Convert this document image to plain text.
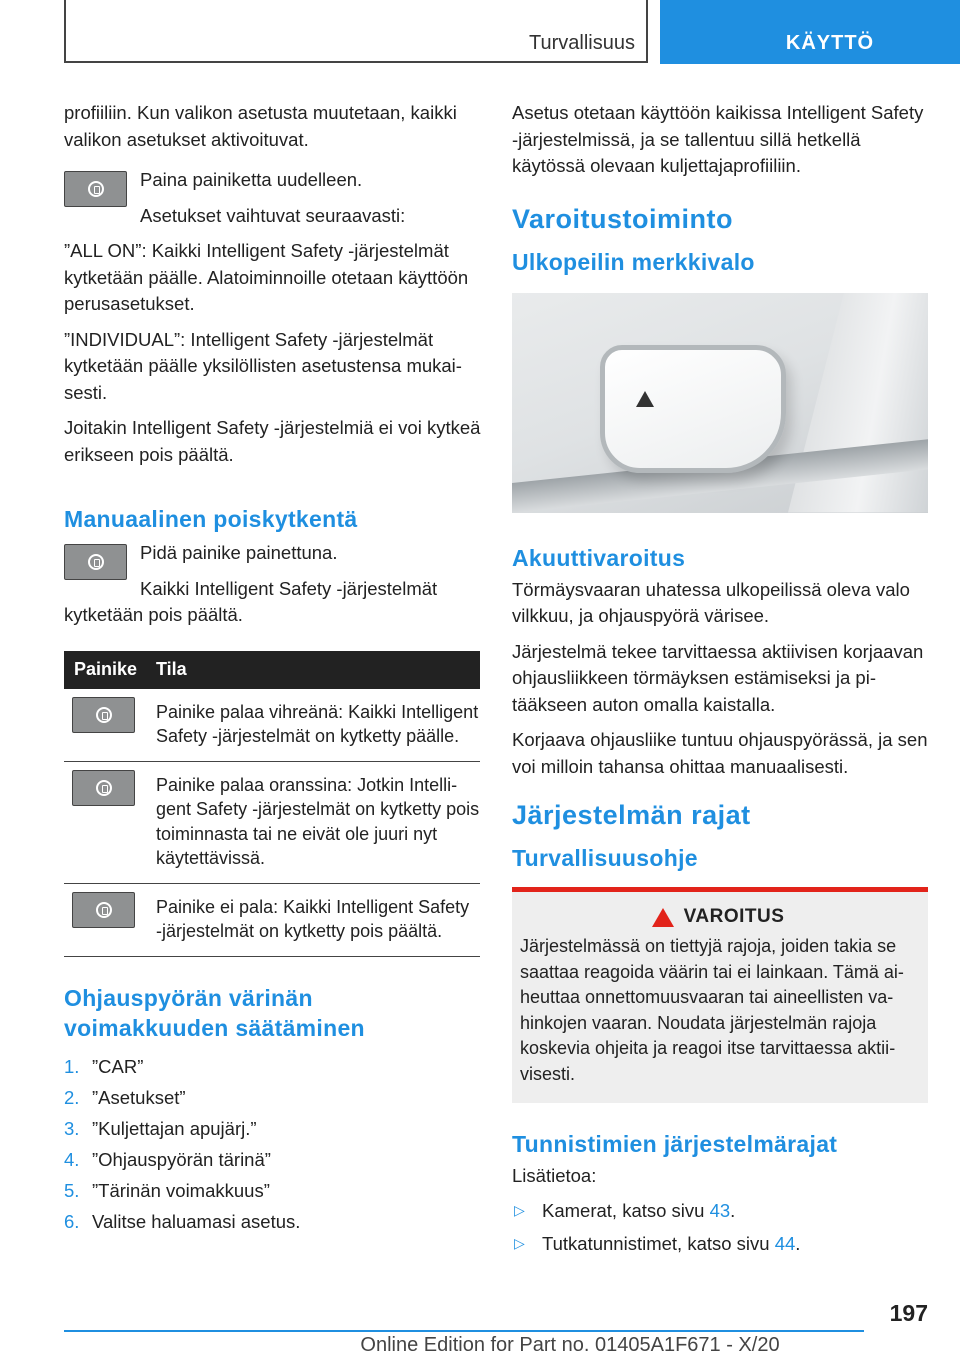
Turvallisuus	KÄYTTÖ

profiiliin. Kun valikon asetusta muutetaan, kaikki valikon asetukset aktivoituvat.

Paina painiketta uudelleen.

Asetukset vaihtuvat seuraavasti:

”ALL ON”: Kaikki Intelligent Safety -järjestelmät kytketään päälle. Alatoiminnoille otetaan käyttöön perusasetukset.

”INDIVIDUAL”: Intelligent Safety -järjestelmät kytketään päälle yksilöllisten asetustensa mukaisesti.

Joitakin Intelligent Safety -järjestelmiä ei voi kytkeä erikseen pois päältä.

Manuaalinen poiskytkentä

Pidä painike painettuna.

Kaikki Intelligent Safety -järjestelmät kytketään pois päältä.

Painike	Tila

	Painike palaa vihreänä: Kaikki Intelligent Safety -järjestelmät on kytketty päälle.

	Painike palaa oranssina: Jotkin Intelligent Safety -järjestelmät on kytketty pois toiminnasta tai ne eivät ole juuri nyt käytettävissä.

	Painike ei pala: Kaikki Intelligent Safety -järjestelmät on kytketty pois päältä.
Ohjauspyörän värinän voimakkuuden säätäminen
1. ”CAR”
2. ”Asetukset”
3. ”Kuljettajan apujärj.”
4. ”Ohjauspyörän tärinä”
5. ”Tärinän voimakkuus”
6. Valitse haluamasi asetus.

Asetus otetaan käyttöön kaikissa Intelligent Safety -järjestelmissä, ja se tallentuu sillä hetkellä käytössä olevaan kuljettajaprofiiliin.

Varoitustoiminto
Ulkopeilin merkkivalo
Akuuttivaroitus

Törmäysvaaran uhatessa ulkopeilissä oleva valo vilkkuu, ja ohjauspyörä värisee.

Järjestelmä tekee tarvittaessa aktiivisen korjaavan ohjausliikkeen törmäyksen estämiseksi ja pitääkseen auton omalla kaistalla.

Korjaava ohjausliike tuntuu ohjauspyörässä, ja sen voi milloin tahansa ohittaa manuaalisesti.

Järjestelmän rajat
Turvallisuusohje
VAROITUS

Järjestelmässä on tiettyjä rajoja, joiden takia se saattaa reagoida väärin tai ei lainkaan. Tämä aiheuttaa onnettomuusvaaran tai aineellisten vahinkojen vaaran. Noudata järjestelmän rajoja koskevia ohjeita ja reagoi itse tarvittaessa aktiivisesti.

Tunnistimien järjestelmärajat

Lisätietoa:

▷ Kamerat, katso sivu 43.
▷ Tutkatunnistimet, katso sivu 44.
197
Online Edition for Part no. 01405A1F671 - X/20
